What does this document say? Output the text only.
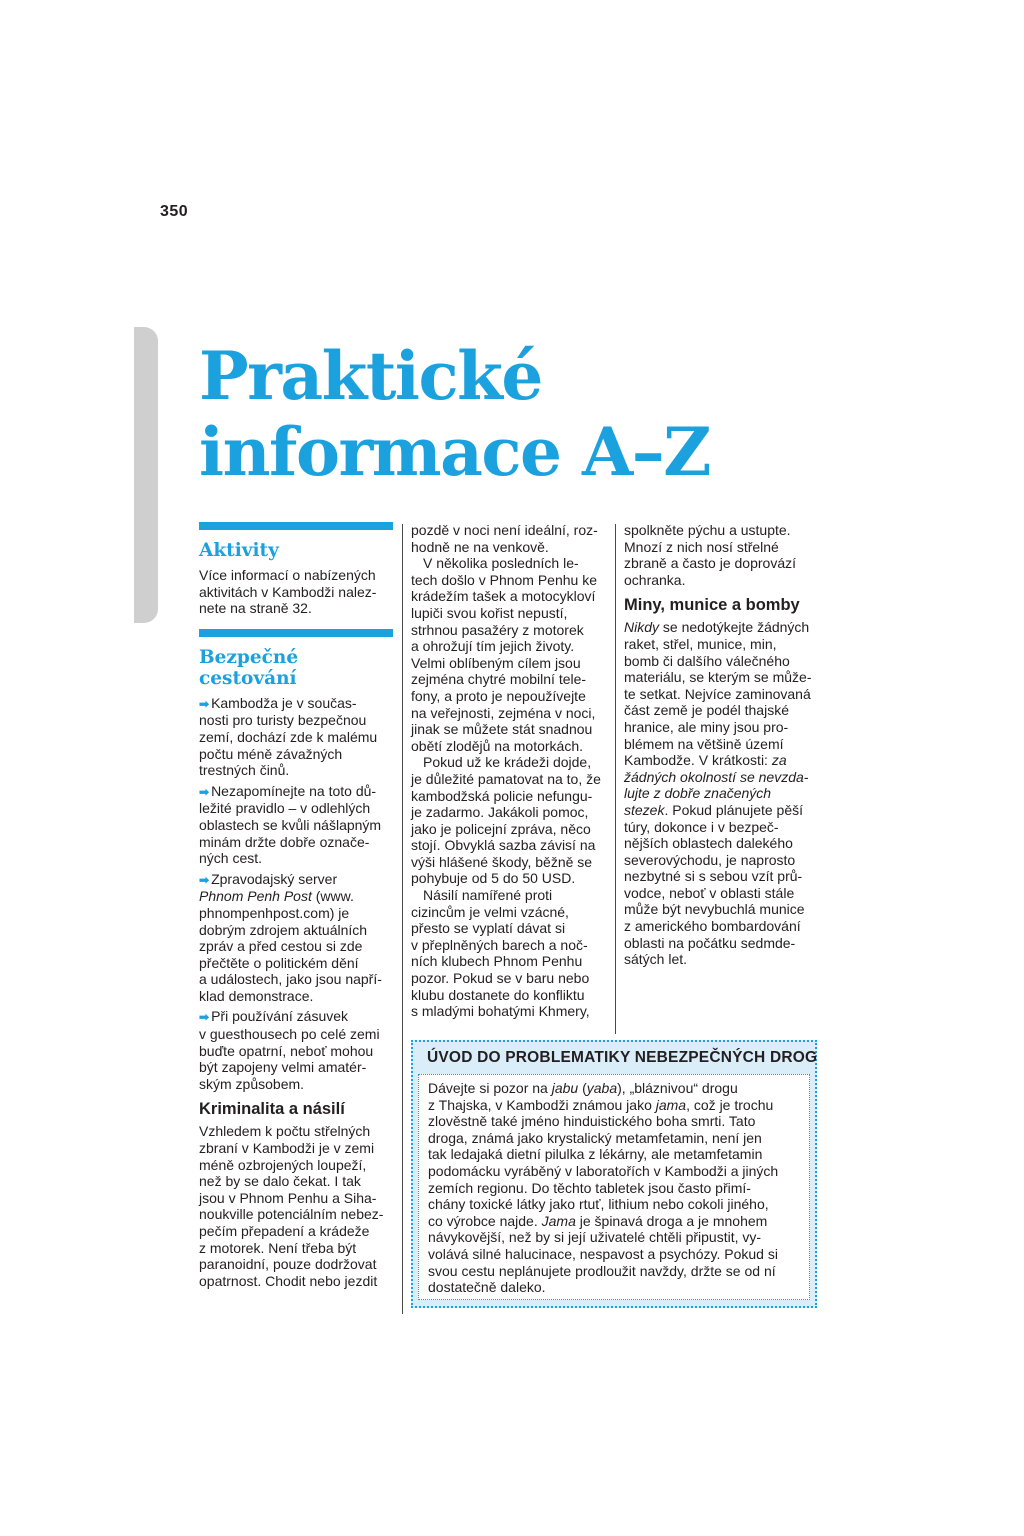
350
Praktické
informace A–Z
Aktivity

Více informací o nabízených

aktivitách v Kambodži nalez-

nete na straně 32.

Bezpečné
cestování

➡ Kambodža je v součas-

nosti pro turisty bezpečnou

zemí, dochází zde k malému

počtu méně závažných

trestných činů.

➡ Nezapomínejte na toto dů-

ležité pravidlo – v odlehlých

oblastech se kvůli nášlapným

minám držte dobře označe-

ných cest.

➡ Zpravodajský server

Phnom Penh Post (www.

phnompenhpost.com) je

dobrým zdrojem aktuálních

zpráv a před cestou si zde

přečtěte o politickém dění

a událostech, jako jsou napří-

klad demonstrace.

➡ Při používání zásuvek

v guesthousech po celé zemi

buďte opatrní, neboť mohou

být zapojeny velmi amatér-

ským způsobem.

Kriminalita a násilí

Vzhledem k počtu střelných

zbraní v Kambodži je v zemi

méně ozbrojených loupeží,

než by se dalo čekat. I tak

jsou v Phnom Penhu a Siha-

noukville potenciálním nebez-

pečím přepadení a krádeže

z motorek. Není třeba být

paranoidní, pouze dodržovat

opatrnost. Chodit nebo jezdit

pozdě v noci není ideální, roz-

hodně ne na venkově.

V několika posledních le-

tech došlo v Phnom Penhu ke

krádežím tašek a motocykloví

lupiči svou kořist nepustí,

strhnou pasažéry z motorek

a ohrožují tím jejich životy.

Velmi oblíbeným cílem jsou

zejména chytré mobilní tele-

fony, a proto je nepoužívejte

na veřejnosti, zejména v noci,

jinak se můžete stát snadnou

obětí zlodějů na motorkách.

Pokud už ke krádeži dojde,

je důležité pamatovat na to, že

kambodžská policie nefungu-

je zadarmo. Jakákoli pomoc,

jako je policejní zpráva, něco

stojí. Obvyklá sazba závisí na

výši hlášené škody, běžně se

pohybuje od 5 do 50 USD.

Násilí namířené proti

cizincům je velmi vzácné,

přesto se vyplatí dávat si

v přeplněných barech a noč-

ních klubech Phnom Penhu

pozor. Pokud se v baru nebo

klubu dostanete do konfliktu

s mladými bohatými Khmery,

spolkněte pýchu a ustupte.

Mnozí z nich nosí střelné

zbraně a často je doprovází

ochranka.

Miny, munice a bomby

Nikdy se nedotýkejte žádných

raket, střel, munice, min,

bomb či dalšího válečného

materiálu, se kterým se může-

te setkat. Nejvíce zaminovaná

část země je podél thajské

hranice, ale miny jsou pro-

blémem na většině území

Kambodže. V krátkosti: za

žádných okolností se nevzda-

lujte z dobře značených

stezek. Pokud plánujete pěší

túry, dokonce i v bezpeč-

nějších oblastech dalekého

severovýchodu, je naprosto

nezbytné si s sebou vzít prů-

vodce, neboť v oblasti stále

může být nevybuchlá munice

z amerického bombardování

oblasti na počátku sedmde-

sátých let.

ÚVOD DO PROBLEMATIKY NEBEZPEČNÝCH DROG

Dávejte si pozor na jabu (yaba), „bláznivou“ drogu

z Thajska, v Kambodži známou jako jama, což je trochu

zlověstně také jméno hinduistického boha smrti. Tato

droga, známá jako krystalický metamfetamin, není jen

tak ledajaká dietní pilulka z lékárny, ale metamfetamin

podomácku vyráběný v laboratořích v Kambodži a jiných

zemích regionu. Do těchto tabletek jsou často přimí-

chány toxické látky jako rtuť, lithium nebo cokoli jiného,

co výrobce najde. Jama je špinavá droga a je mnohem

návykovější, než by si její uživatelé chtěli připustit, vy-

volává silné halucinace, nespavost a psychózy. Pokud si

svou cestu neplánujete prodloužit navždy, držte se od ní

dostatečně daleko.
